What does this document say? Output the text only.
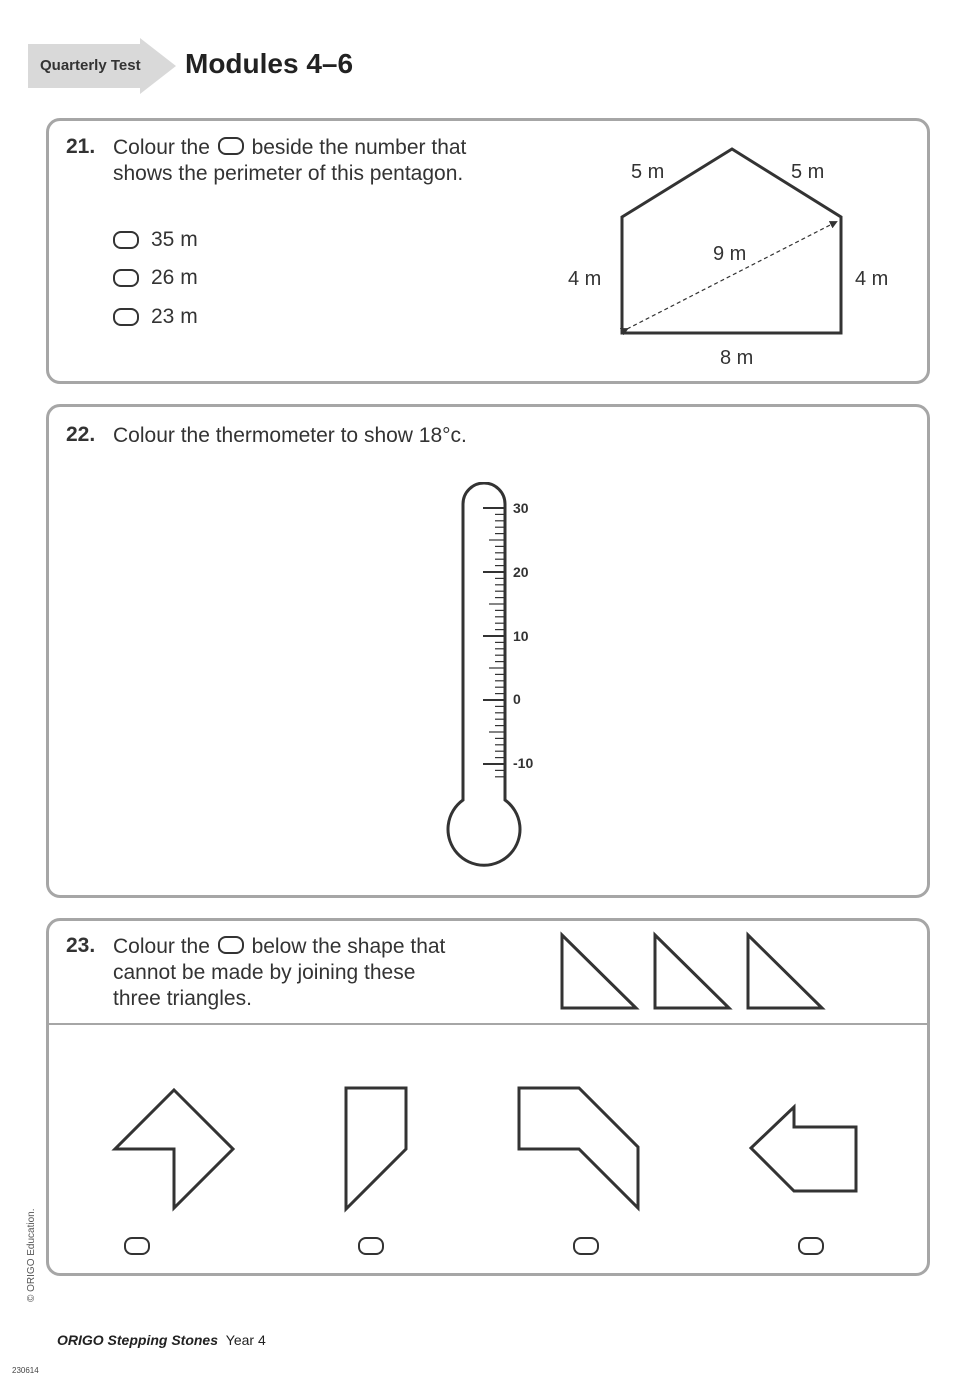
Quarterly Test Modules 4–6
21. Colour the beside the number that
shows the perimeter of this pentagon.
35 m
26 m
23 m
5 m	5 m
4 m	4 m
8 m
9 m
22. Colour the thermometer to show 18°c.
30
20
10
0
-10
23. Colour the below the shape that
cannot be made by joining these
three triangles.
© ORIGO Education.
ORIGO Stepping Stones Year 4
230614
